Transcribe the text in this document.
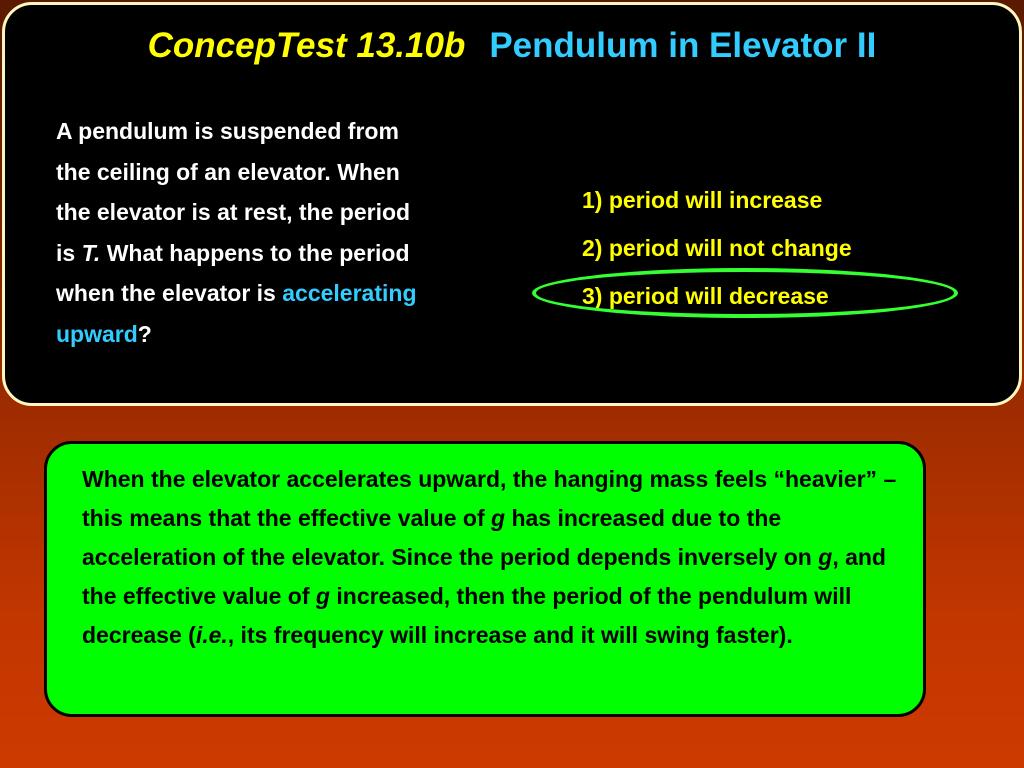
ConcepTest 13.10b Pendulum in Elevator II
A pendulum is suspended from
the ceiling of an elevator. When
the elevator is at rest, the period
is T. What happens to the period
when the elevator is accelerating
upward?
1) period will increase
2) period will not change
3) period will decrease
When the elevator accelerates upward, the hanging mass feels “heavier” – this means that the effective value of g has increased due to the acceleration of the elevator. Since the period depends inversely on g, and the effective value of g increased, then the period of the pendulum will decrease (i.e., its frequency will increase and it will swing faster).
